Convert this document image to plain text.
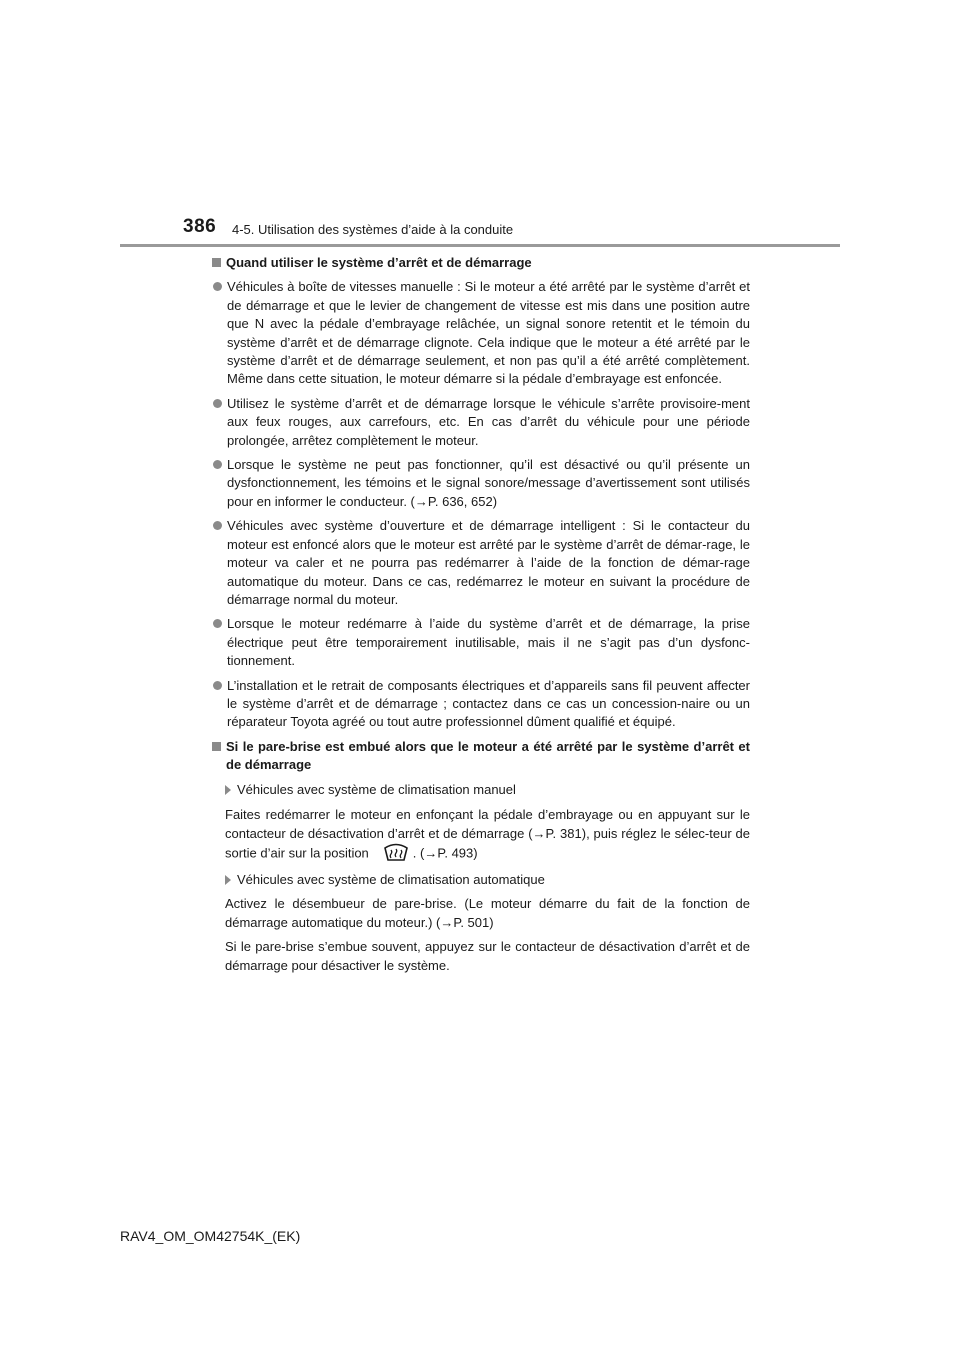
386 4-5. Utilisation des systèmes d’aide à la conduite
Quand utiliser le système d’arrêt et de démarrage
Véhicules à boîte de vitesses manuelle : Si le moteur a été arrêté par le système d’arrêt et de démarrage et que le levier de changement de vitesse est mis dans une position autre que N avec la pédale d’embrayage relâchée, un signal sonore retentit et le témoin du système d’arrêt et de démarrage clignote. Cela indique que le moteur a été arrêté par le système d’arrêt et de démarrage seulement, et non pas qu’il a été arrêté complètement. Même dans cette situation, le moteur démarre si la pédale d’embrayage est enfoncée.
Utilisez le système d’arrêt et de démarrage lorsque le véhicule s’arrête provisoire-ment aux feux rouges, aux carrefours, etc. En cas d’arrêt du véhicule pour une période prolongée, arrêtez complètement le moteur.
Lorsque le système ne peut pas fonctionner, qu’il est désactivé ou qu’il présente un dysfonctionnement, les témoins et le signal sonore/message d’avertissement sont utilisés pour en informer le conducteur. (→P. 636, 652)
Véhicules avec système d’ouverture et de démarrage intelligent : Si le contacteur du moteur est enfoncé alors que le moteur est arrêté par le système d’arrêt de démar-rage, le moteur va caler et ne pourra pas redémarrer à l’aide de la fonction de démar-rage automatique du moteur. Dans ce cas, redémarrez le moteur en suivant la procédure de démarrage normal du moteur.
Lorsque le moteur redémarre à l’aide du système d’arrêt et de démarrage, la prise électrique peut être temporairement inutilisable, mais il ne s’agit pas d’un dysfonc-tionnement.
L’installation et le retrait de composants électriques et d’appareils sans fil peuvent affecter le système d’arrêt et de démarrage ; contactez dans ce cas un concession-naire ou un réparateur Toyota agréé ou tout autre professionnel dûment qualifié et équipé.
Si le pare-brise est embué alors que le moteur a été arrêté par le système d’arrêt et de démarrage
Véhicules avec système de climatisation manuel
Faites redémarrer le moteur en enfonçant la pédale d’embrayage ou en appuyant sur le contacteur de désactivation d’arrêt et de démarrage (→P. 381), puis réglez le sélec-teur de sortie d’air sur la position	. (→P. 493)
Véhicules avec système de climatisation automatique
Activez le désembueur de pare-brise. (Le moteur démarre du fait de la fonction de démarrage automatique du moteur.) (→P. 501)
Si le pare-brise s’embue souvent, appuyez sur le contacteur de désactivation d’arrêt et de démarrage pour désactiver le système.
RAV4_OM_OM42754K_(EK)
